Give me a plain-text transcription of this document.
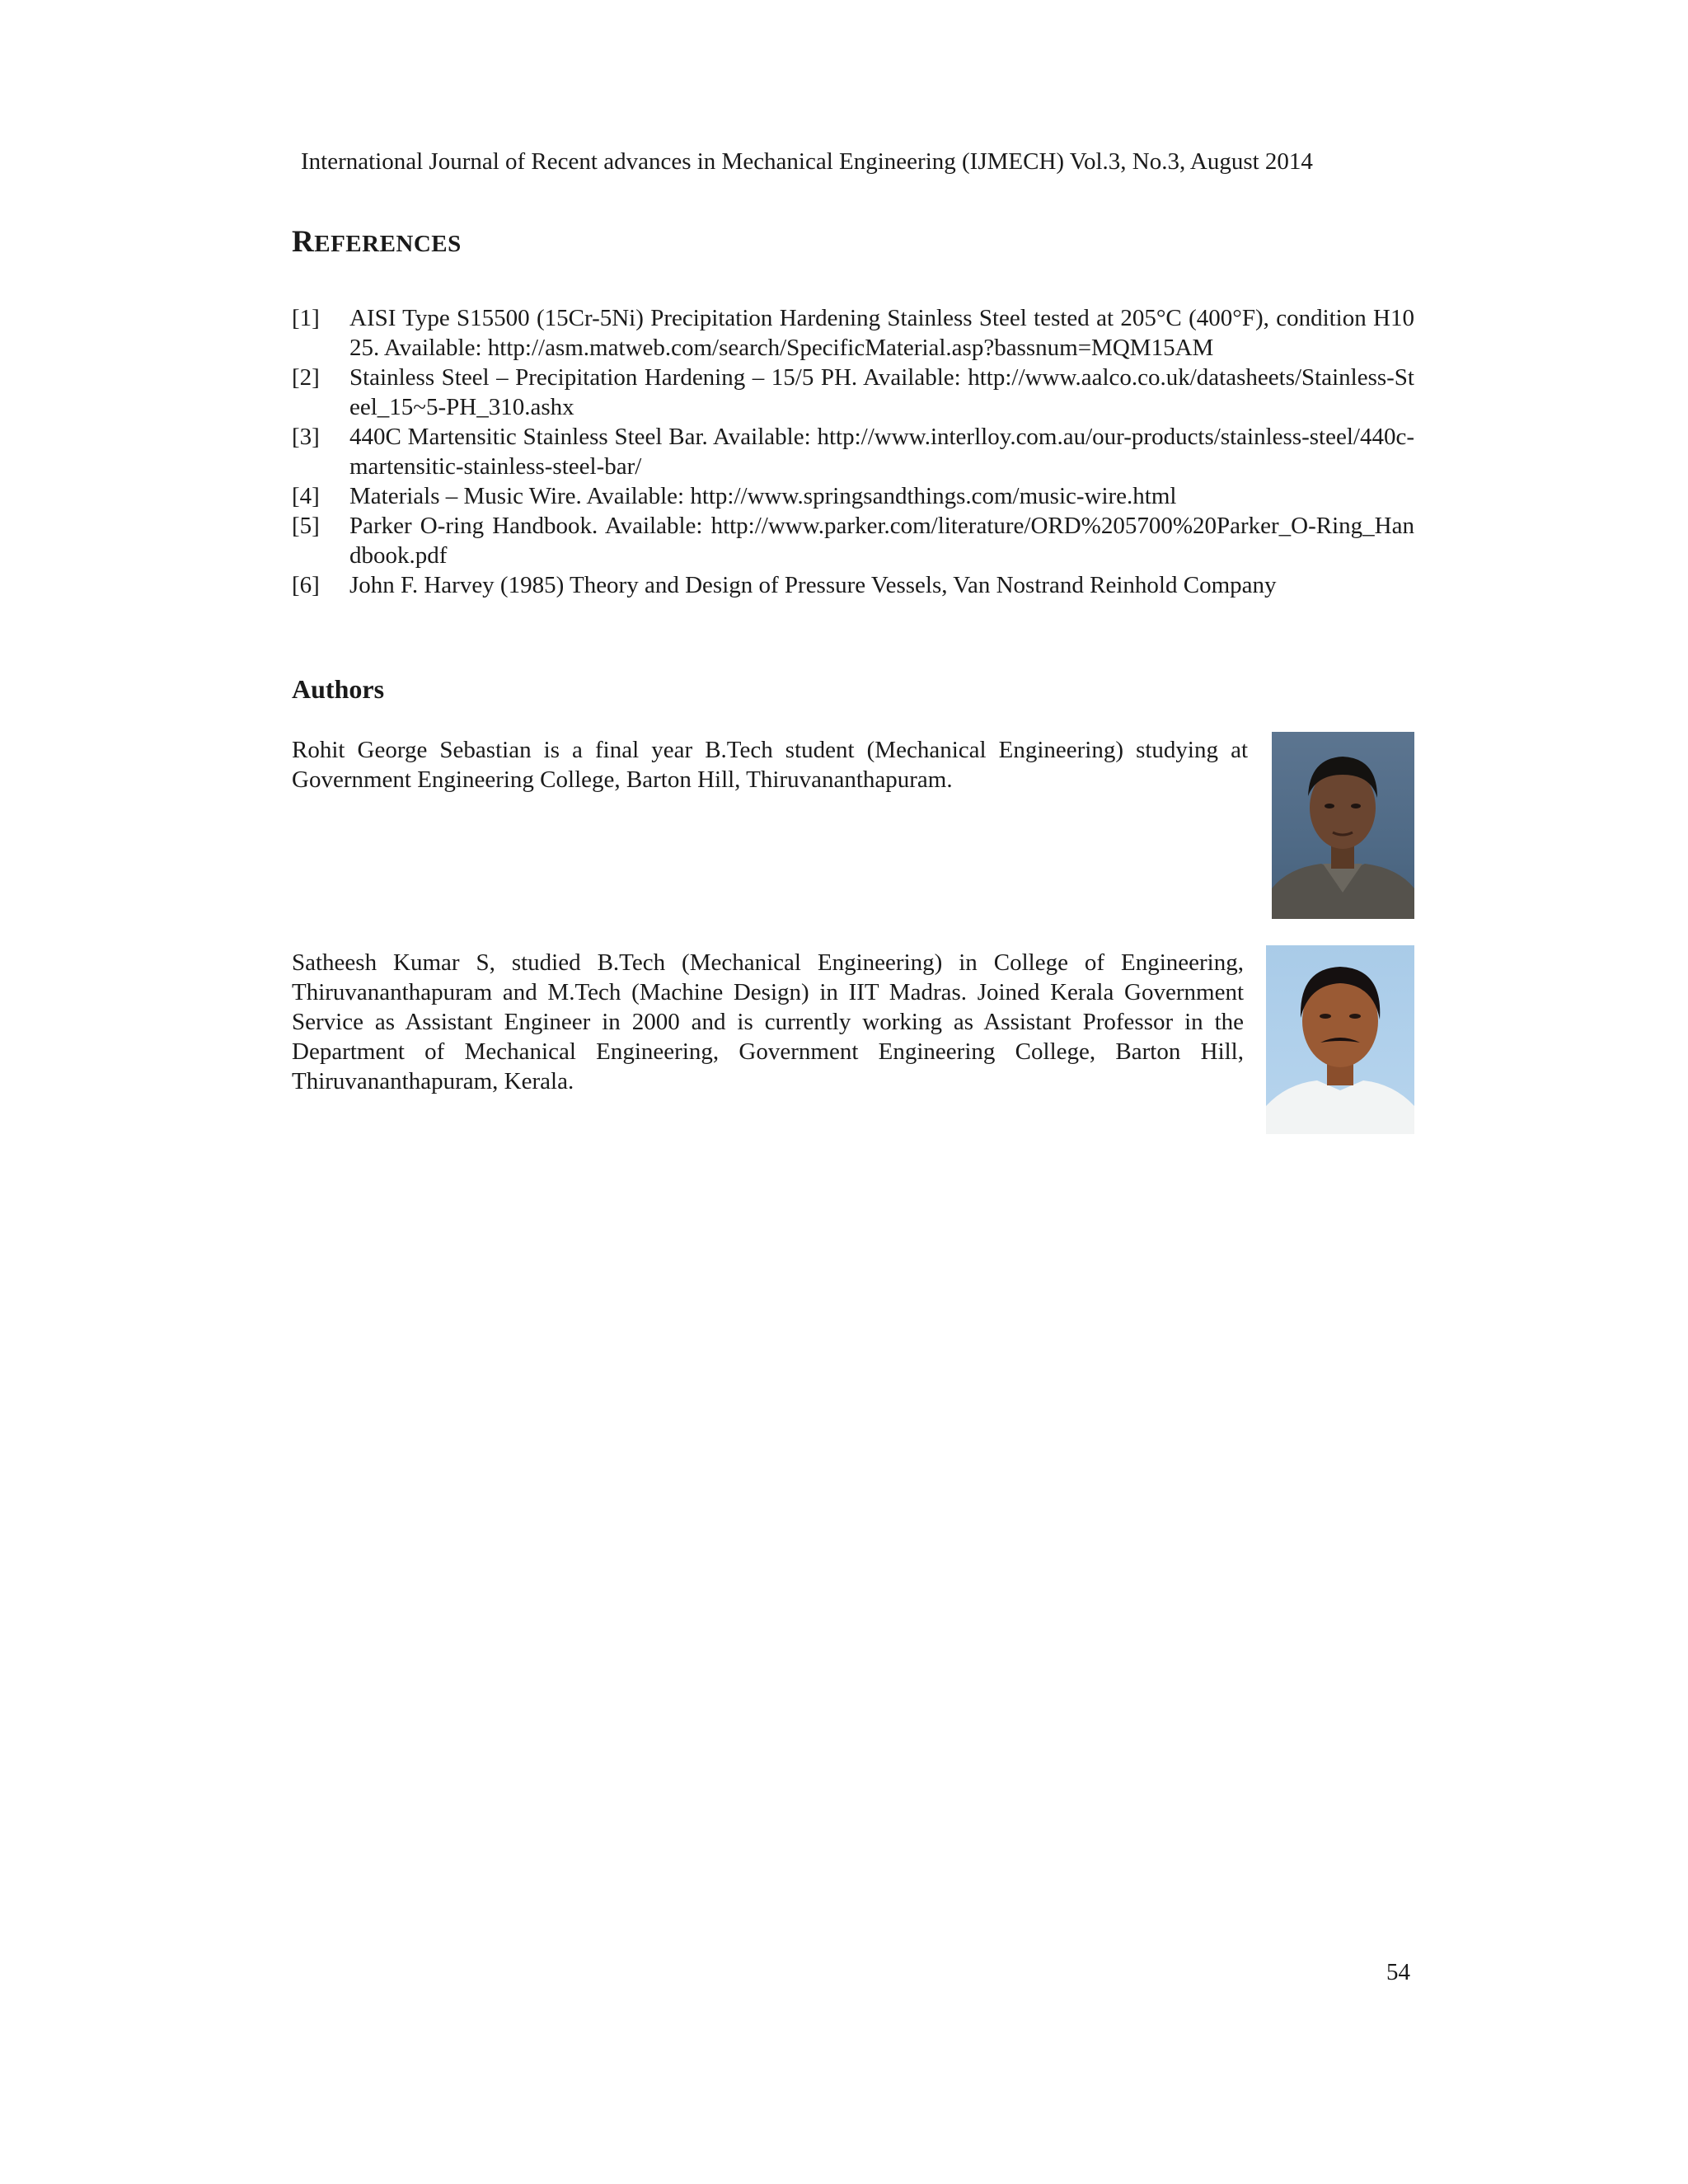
International Journal of Recent advances in Mechanical Engineering (IJMECH) Vol.3, No.3, August 2014
REFERENCES
[1] AISI Type S15500 (15Cr-5Ni) Precipitation Hardening Stainless Steel tested at 205°C (400°F), condition H1025. Available: http://asm.matweb.com/search/SpecificMaterial.asp?bassnum=MQM15AM
[2] Stainless Steel – Precipitation Hardening – 15/5 PH. Available: http://www.aalco.co.uk/datasheets/Stainless-Steel_15~5-PH_310.ashx
[3] 440C Martensitic Stainless Steel Bar. Available: http://www.interlloy.com.au/our-products/stainless-steel/440c-martensitic-stainless-steel-bar/
[4] Materials – Music Wire. Available: http://www.springsandthings.com/music-wire.html
[5] Parker O-ring Handbook. Available: http://www.parker.com/literature/ORD%205700%20Parker_O-Ring_Handbook.pdf
[6] John F. Harvey (1985) Theory and Design of Pressure Vessels, Van Nostrand Reinhold Company
Authors
Rohit George Sebastian is a final year B.Tech student (Mechanical Engineering) studying at Government Engineering College, Barton Hill, Thiruvananthapuram.
Satheesh Kumar S, studied B.Tech (Mechanical Engineering) in College of Engineering, Thiruvananthapuram and M.Tech (Machine Design) in IIT Madras. Joined Kerala Government Service as Assistant Engineer in 2000 and is currently working as Assistant Professor in the Department of Mechanical Engineering, Government Engineering College, Barton Hill, Thiruvananthapuram, Kerala.
54
